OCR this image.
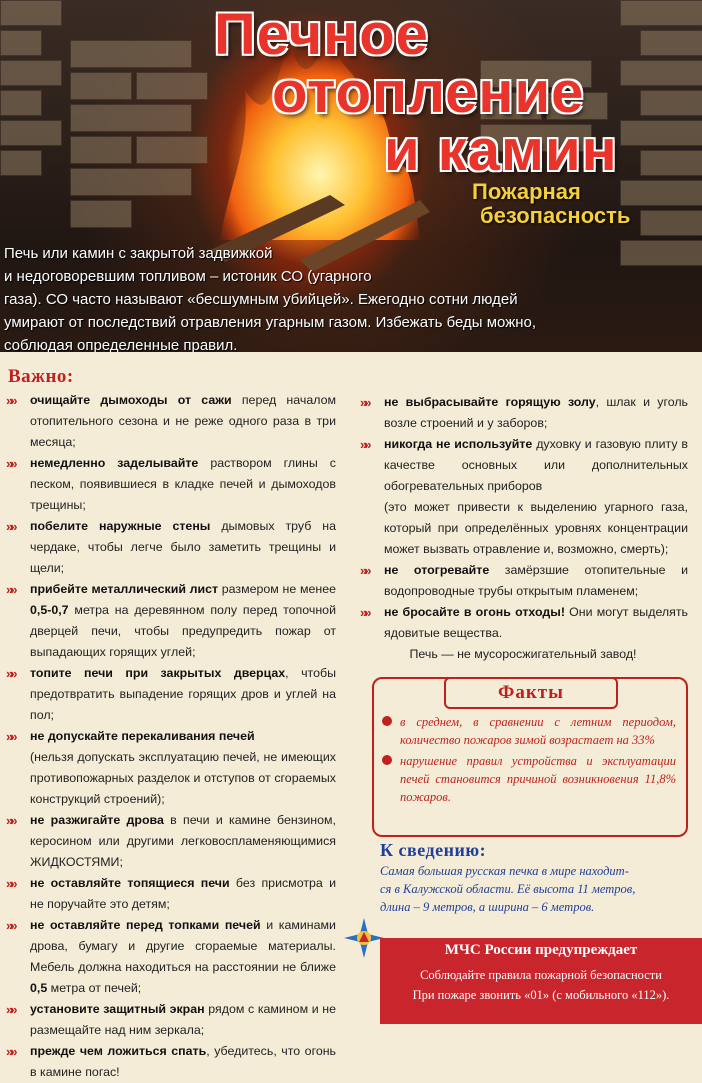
Печное
отопление
и камин
Пожарная
безопасность
Печь или камин с закрытой задвижкой
и недоговоревшим топливом – истоник СО (угарного
газа). СО часто называют «бесшумным убийцей». Ежегодно сотни людей
умирают от последствий отравления угарным газом. Избежать беды можно,
соблюдая определенные правил.
Важно:
»» очищайте дымоходы от сажи перед началом отопительного сезона и не реже одного раза в три месяца;
»» немедленно заделывайте раствором глины с песком, появившиеся в кладке печей и дымоходов трещины;
»» побелите наружные стены дымовых труб на чердаке, чтобы легче было заметить трещины и щели;
»» прибейте металлический лист размером не менее 0,5-0,7 метра на деревянном полу перед топочной дверцей печи, чтобы предупредить пожар от выпадающих горящих углей;
»» топите печи при закрытых дверцах, чтобы предотвратить выпадение горящих дров и углей на пол;
»» не допускайте перекаливания печей
(нельзя допускать эксплуатацию печей, не имеющих противопожарных разделок и отступов от сгораемых конструкций строений);
»» не разжигайте дрова в печи и камине бензином, керосином или другими легковоспламеняющимися ЖИДКОСТЯМИ;
»» не оставляйте топящиеся печи без присмотра и не поручайте это детям;
»» не оставляйте перед топками печей и каминами дрова, бумагу и другие сгораемые материалы. Мебель должна находиться на расстоянии не ближе 0,5 метра от печей;
»» установите защитный экран рядом с камином и не размещайте над ним зеркала;
»» прежде чем ложиться спать, убедитесь, что огонь в камине погас!
»» не выбрасывайте горящую золу, шлак и уголь возле строений и у заборов;
»» никогда не используйте духовку и газовую плиту в качестве основных или дополнительных обогревательных приборов
(это может привести к выделению угарного газа, который при определённых уровнях концентрации может вызвать отравление и, возможно, смерть);
»» не отогревайте замёрзшие отопительные и водопроводные трубы открытым пламенем;
»» не бросайте в огонь отходы! Они могут выделять ядовитые вещества.
Печь — не мусоросжигательный завод!
Факты
в среднем, в сравнении с летним периодом, количество пожаров зимой возрастает на 33%
нарушение правил устройства и эксплуатации печей становится причиной возникновения 11,8% пожаров.
К сведению:
Самая большая русская печка в мире находит-
ся в Калужской области. Её высота 11 метров,
длина – 9 метров, а ширина – 6 метров.
МЧС России предупреждает
Соблюдайте правила пожарной безопасности
При пожаре звонить «01» (с мобильного «112»).
